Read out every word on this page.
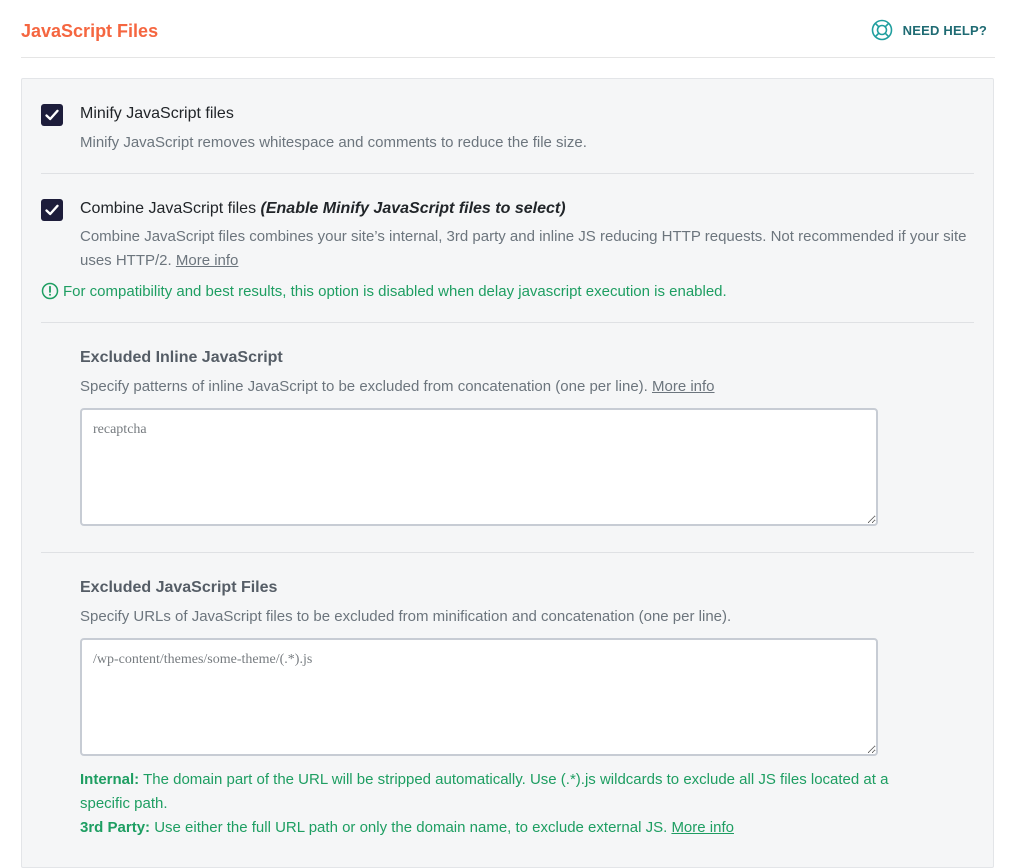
JavaScript Files	NEED HELP?
Minify JavaScript files
Minify JavaScript removes whitespace and comments to reduce the file size.
Combine JavaScript files (Enable Minify JavaScript files to select)
Combine JavaScript files combines your site’s internal, 3rd party and inline JS reducing HTTP requests. Not recommended if your site uses HTTP/2. More info
For compatibility and best results, this option is disabled when delay javascript execution is enabled.
Excluded Inline JavaScript
Specify patterns of inline JavaScript to be excluded from concatenation (one per line). More info
recaptcha
Excluded JavaScript Files
Specify URLs of JavaScript files to be excluded from minification and concatenation (one per line).
/wp-content/themes/some-theme/(.*).js
Internal: The domain part of the URL will be stripped automatically. Use (.*).js wildcards to exclude all JS files located at a specific path.
3rd Party: Use either the full URL path or only the domain name, to exclude external JS. More info
